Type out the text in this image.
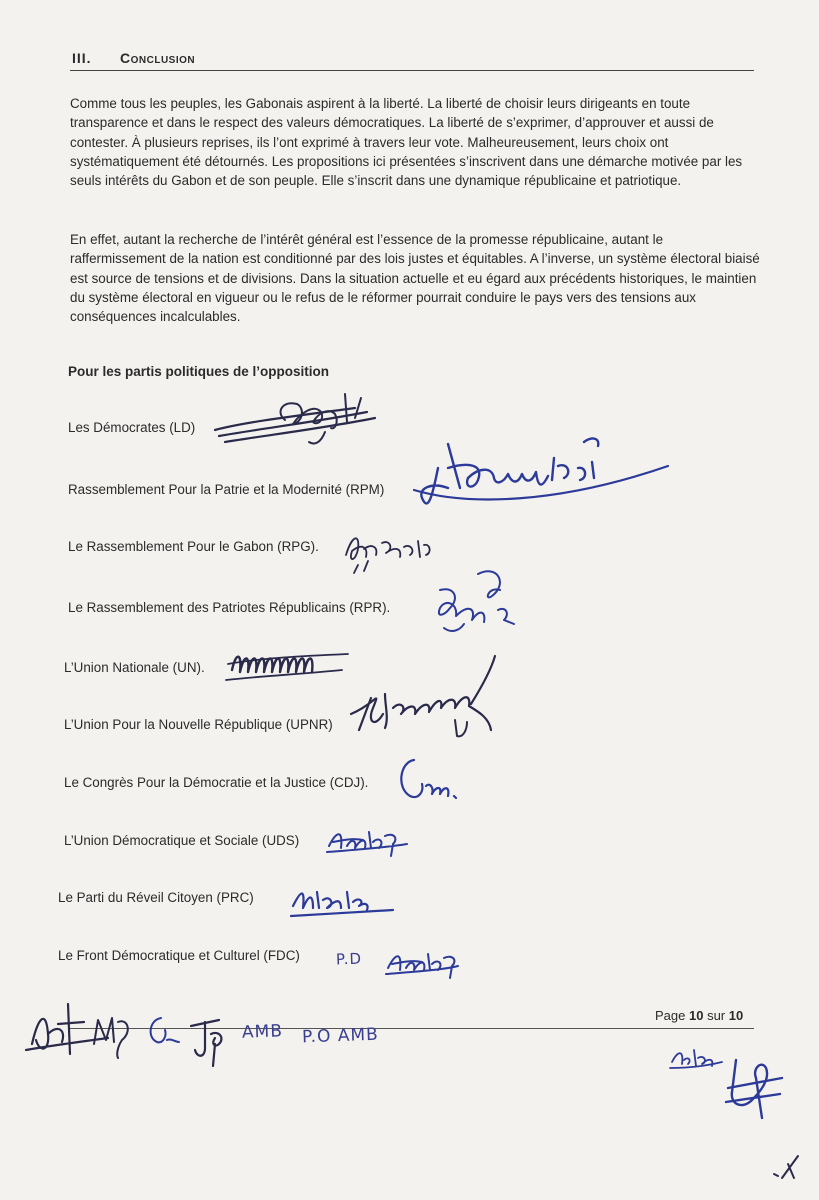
III. Conclusion

Comme tous les peuples, les Gabonais aspirent à la liberté. La liberté de choisir leurs dirigeants en toute transparence et dans le respect des valeurs démocratiques. La liberté de s’exprimer, d’approuver et aussi de contester. À plusieurs reprises, ils l’ont exprimé à travers leur vote. Malheureusement, leurs choix ont systématiquement été détournés. Les propositions ici présentées s’inscrivent dans une démarche motivée par les seuls intérêts du Gabon et de son peuple. Elle s’inscrit dans une dynamique républicaine et patriotique.

En effet, autant la recherche de l’intérêt général est l’essence de la promesse républicaine, autant le raffermissement de la nation est conditionné par des lois justes et équitables. A l’inverse, un système électoral biaisé est source de tensions et de divisions. Dans la situation actuelle et eu égard aux précédents historiques, le maintien du système électoral en vigueur ou le refus de le réformer pourrait conduire le pays vers des tensions aux conséquences incalculables.

Pour les partis politiques de l’opposition
Les Démocrates (LD)
Rassemblement Pour la Patrie et la Modernité (RPM)
Le Rassemblement Pour le Gabon (RPG).
Le Rassemblement des Patriotes Républicains (RPR).
L’Union Nationale (UN).
L’Union Pour la Nouvelle République (UPNR)
Le Congrès Pour la Démocratie et la Justice (CDJ).
L’Union Démocratique et Sociale (UDS)
Le Parti du Réveil Citoyen (PRC)
Le Front Démocratique et Culturel (FDC) P.D
Page 10 sur 10
AMB P.O AMB
